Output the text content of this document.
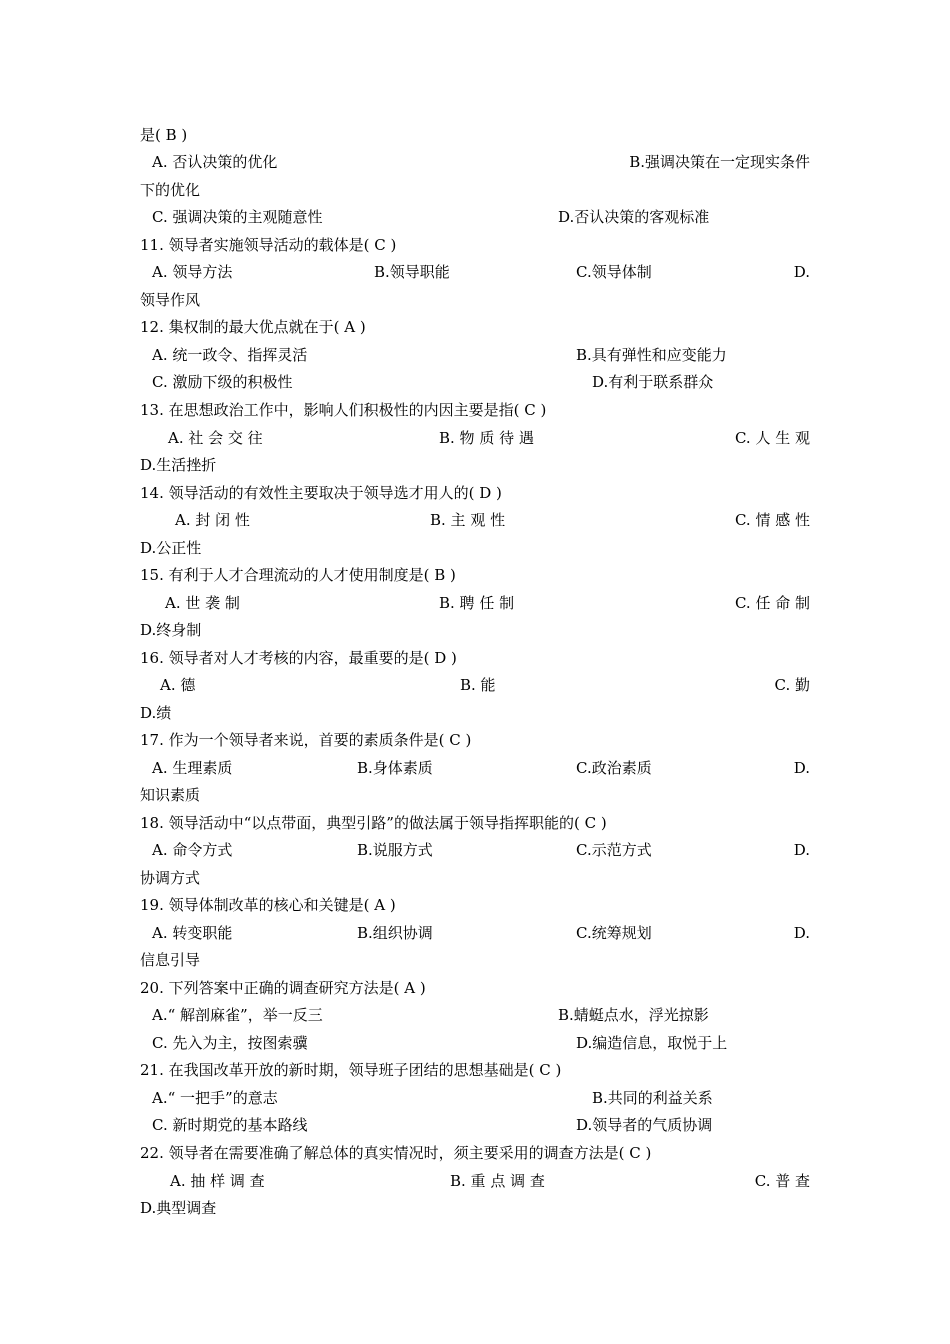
是( B )
A. 否认决策的优化	B.强调决策在一定现实条件
下的优化
C. 强调决策的主观随意性	D.否认决策的客观标准
11. 领导者实施领导活动的载体是( C )
A. 领导方法	B.领导职能	C.领导体制	D.
领导作风
12. 集权制的最大优点就在于( A )
A. 统一政令、指挥灵活	B.具有弹性和应变能力
C. 激励下级的积极性	D.有利于联系群众
13. 在思想政治工作中，影响人们积极性的内因主要是指( C )
A. 社 会 交 往	B. 物 质 待 遇	C. 人 生 观
D.生活挫折
14. 领导活动的有效性主要取决于领导选才用人的( D )
A. 封 闭 性	B. 主 观 性	C. 情 感 性
D.公正性
15. 有利于人才合理流动的人才使用制度是( B )
A. 世 袭 制	B. 聘 任 制	C. 任 命 制
D.终身制
16. 领导者对人才考核的内容，最重要的是( D )
A. 德	B. 能	C. 勤
D.绩
17. 作为一个领导者来说，首要的素质条件是( C )
A. 生理素质	B.身体素质	C.政治素质	D.
知识素质
18. 领导活动中“以点带面，典型引路”的做法属于领导指挥职能的( C )
A. 命令方式	B.说服方式	C.示范方式	D.
协调方式
19. 领导体制改革的核心和关键是( A )
A. 转变职能	B.组织协调	C.统筹规划	D.
信息引导
20. 下列答案中正确的调查研究方法是( A )
A.“ 解剖麻雀”，举一反三	B.蜻蜓点水，浮光掠影
C. 先入为主，按图索骥	D.编造信息，取悦于上
21. 在我国改革开放的新时期，领导班子团结的思想基础是( C )
A.“ 一把手”的意志	B.共同的利益关系
C. 新时期党的基本路线	D.领导者的气质协调
22. 领导者在需要准确了解总体的真实情况时，须主要采用的调查方法是( C )
A. 抽 样 调 查	B. 重 点 调 查	C. 普 查
D.典型调查
